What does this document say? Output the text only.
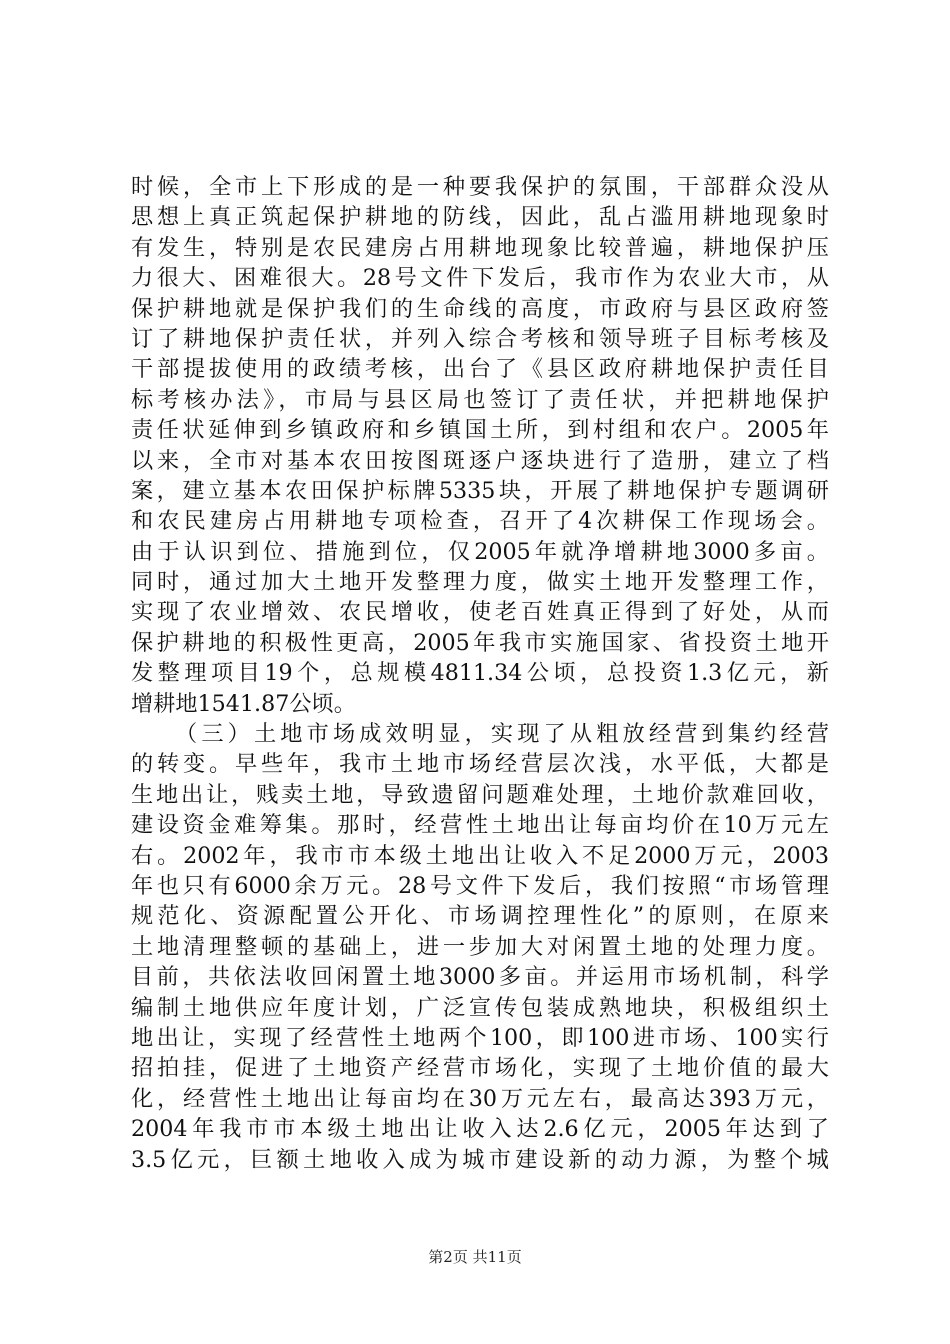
时候，全市上下形成的是一种要我保护的氛围，干部群众没从
思想上真正筑起保护耕地的防线，因此，乱占滥用耕地现象时
有发生，特别是农民建房占用耕地现象比较普遍，耕地保护压
力很大、困难很大。28号文件下发后，我市作为农业大市，从
保护耕地就是保护我们的生命线的高度，市政府与县区政府签
订了耕地保护责任状，并列入综合考核和领导班子目标考核及
干部提拔使用的政绩考核，出台了《县区政府耕地保护责任目
标考核办法》，市局与县区局也签订了责任状，并把耕地保护
责任状延伸到乡镇政府和乡镇国土所，到村组和农户。2005年
以来，全市对基本农田按图斑逐户逐块进行了造册，建立了档
案，建立基本农田保护标牌5335块，开展了耕地保护专题调研
和农民建房占用耕地专项检查，召开了4次耕保工作现场会。
由于认识到位、措施到位，仅2005年就净增耕地3000多亩。
同时，通过加大土地开发整理力度，做实土地开发整理工作，
实现了农业增效、农民增收，使老百姓真正得到了好处，从而
保护耕地的积极性更高，2005年我市实施国家、省投资土地开
发整理项目19个，总规模4811.34公顷，总投资1.3亿元，新
增耕地1541.87公顷。
（三）土地市场成效明显，实现了从粗放经营到集约经营
的转变。早些年，我市土地市场经营层次浅，水平低，大都是
生地出让，贱卖土地，导致遗留问题难处理，土地价款难回收，
建设资金难筹集。那时，经营性土地出让每亩均价在10万元左
右。2002年，我市市本级土地出让收入不足2000万元，2003
年也只有6000余万元。28号文件下发后，我们按照“市场管理
规范化、资源配置公开化、市场调控理性化”的原则，在原来
土地清理整顿的基础上，进一步加大对闲置土地的处理力度。
目前，共依法收回闲置土地3000多亩。并运用市场机制，科学
编制土地供应年度计划，广泛宣传包装成熟地块，积极组织土
地出让，实现了经营性土地两个100，即100进市场、100实行
招拍挂，促进了土地资产经营市场化，实现了土地价值的最大
化，经营性土地出让每亩均在30万元左右，最高达393万元，
2004年我市市本级土地出让收入达2.6亿元，2005年达到了
3.5亿元，巨额土地收入成为城市建设新的动力源，为整个城
第2页 共11页
